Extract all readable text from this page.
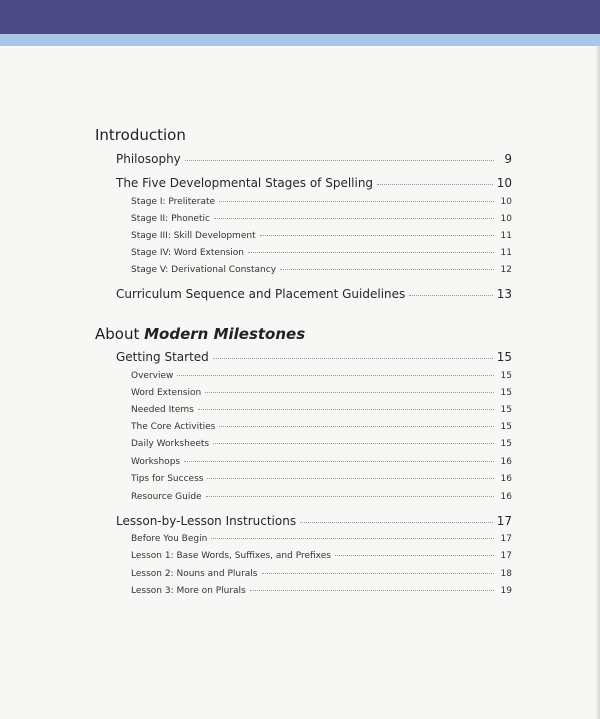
Introduction
Philosophy	9
The Five Developmental Stages of Spelling	10
Stage I: Preliterate	10
Stage II: Phonetic	10
Stage III: Skill Development	11
Stage IV: Word Extension	11
Stage V: Derivational Constancy	12
Curriculum Sequence and Placement Guidelines	13
About Modern Milestones
Getting Started	15
Overview	15
Word Extension	15
Needed Items	15
The Core Activities	15
Daily Worksheets	15
Workshops	16
Tips for Success	16
Resource Guide	16
Lesson-by-Lesson Instructions	17
Before You Begin	17
Lesson 1: Base Words, Suffixes, and Prefixes	17
Lesson 2: Nouns and Plurals	18
Lesson 3: More on Plurals	19
